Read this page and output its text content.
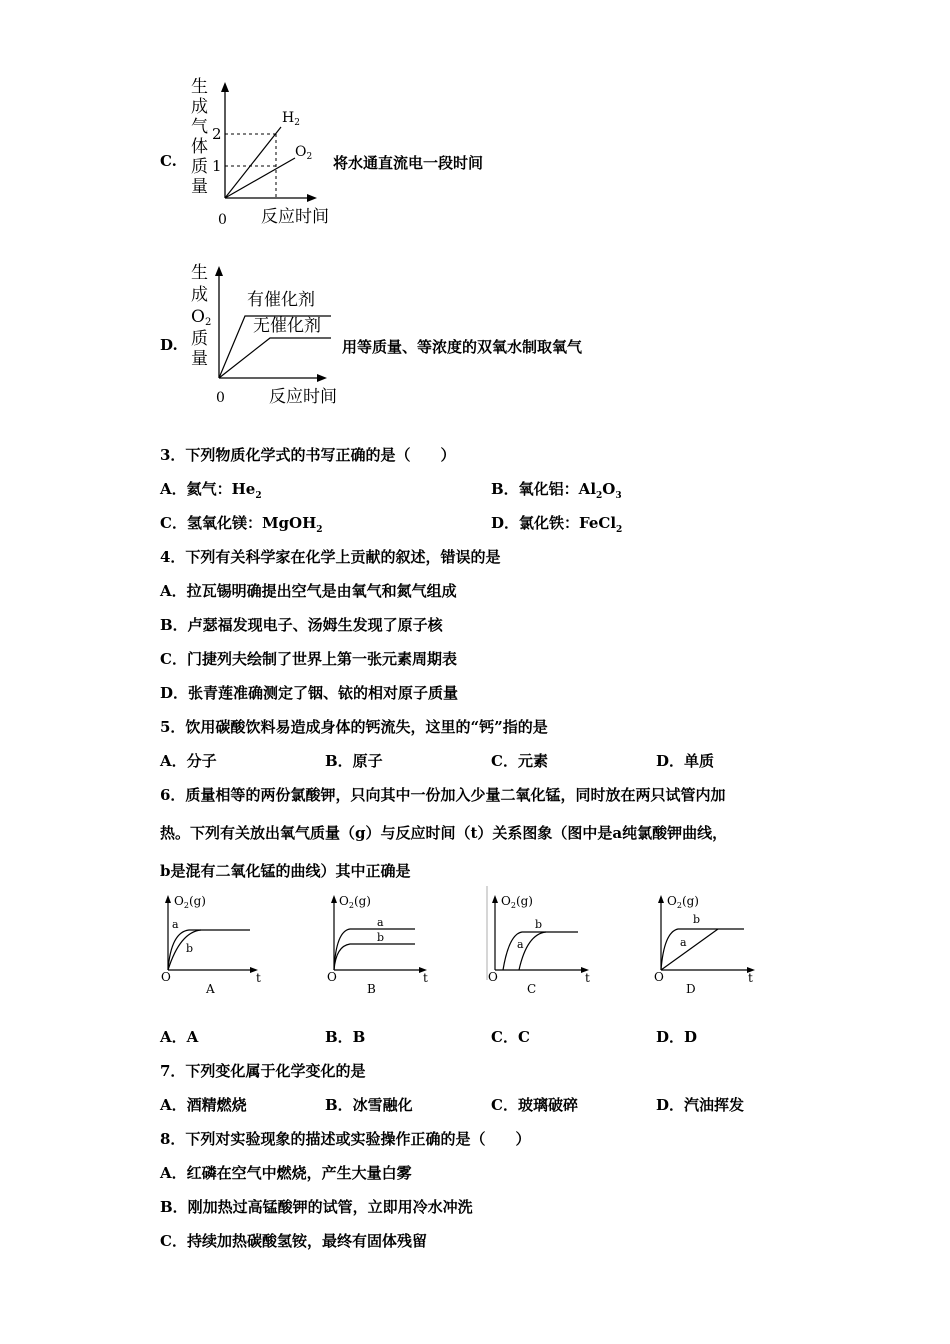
C.
生
成
气
体
质
量
2
1
0 反应时间
$H_2$
$O_2$ 将水通直流电一段时间
D.
生
成
O2
质
量
有催化剂
无催化剂
0	反应时间
用等质量、等浓度的双氧水制取氧气
3．下列物质化学式的书写正确的是（　　）
A．氦气：$He_2$	B．氧化铝：$Al_2O_3$
C．氢氧化镁：MgOH$_2$	D．氯化铁：FeCl$_2$
4．下列有关科学家在化学上贡献的叙述，错误的是
A．拉瓦锡明确提出空气是由氧气和氮气组成
B．卢瑟福发现电子、汤姆生发现了原子核
C．门捷列夫绘制了世界上第一张元素周期表
D．张青莲准确测定了铟、铱的相对原子质量
5．饮用碳酸饮料易造成身体的钙流失，这里的“钙”指的是
A．分子	B．原子	C．元素	D．单质
6．质量相等的两份氯酸钾，只向其中一份加入少量二氧化锰，同时放在两只试管内加
热。下列有关放出氧气质量（g）与反应时间（t）关系图象（图中是a纯氯酸钾曲线，
b是混有二氧化锰的曲线）其中正确是
$O_2(g)$
a
b
O	t
A
$O_2(g)$
a
b
O	t
B
$O_2(g)$
b
a
O	t
C
$O_2(g)$
b
a
O	t
D
A．A	B．B	C．C	D．D
7．下列变化属于化学变化的是
A．酒精燃烧	B．冰雪融化	C．玻璃破碎	D．汽油挥发
8．下列对实验现象的描述或实验操作正确的是（　　）
A．红磷在空气中燃烧，产生大量白雾
B．刚加热过高锰酸钾的试管，立即用冷水冲洗
C．持续加热碳酸氢铵，最终有固体残留
